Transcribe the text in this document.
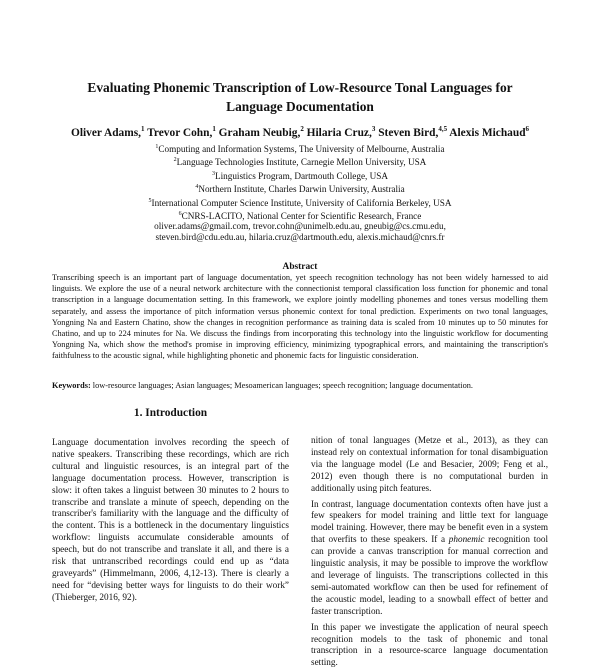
Evaluating Phonemic Transcription of Low-Resource Tonal Languages for
Language Documentation
Oliver Adams,$^1$ Trevor Cohn,$^1$ Graham Neubig,$^2$ Hilaria Cruz,$^3$ Steven Bird,$^{4,5}$ Alexis Michaud$^6$
$^1$Computing and Information Systems, The University of Melbourne, Australia
$^2$Language Technologies Institute, Carnegie Mellon University, USA
$^3$Linguistics Program, Dartmouth College, USA
$^4$Northern Institute, Charles Darwin University, Australia
$^5$International Computer Science Institute, University of California Berkeley, USA
$^6$CNRS-LACITO, National Center for Scientific Research, France
oliver.adams@gmail.com, trevor.cohn@unimelb.edu.au, gneubig@cs.cmu.edu,
steven.bird@cdu.edu.au, hilaria.cruz@dartmouth.edu, alexis.michaud@cnrs.fr
Abstract
Transcribing speech is an important part of language documentation, yet speech recognition technology has not been widely harnessed to aid linguists. We explore the use of a neural network architecture with the connectionist temporal classification loss function for phonemic and tonal transcription in a language documentation setting. In this framework, we explore jointly modelling phonemes and tones versus modelling them separately, and assess the importance of pitch information versus phonemic context for tonal prediction. Experiments on two tonal languages, Yongning Na and Eastern Chatino, show the changes in recognition performance as training data is scaled from 10 minutes up to 50 minutes for Chatino, and up to 224 minutes for Na. We discuss the findings from incorporating this technology into the linguistic workflow for documenting Yongning Na, which show the method's promise in improving efficiency, minimizing typographical errors, and maintaining the transcription's faithfulness to the acoustic signal, while highlighting phonetic and phonemic facts for linguistic consideration.
Keywords: low-resource languages; Asian languages; Mesoamerican languages; speech recognition; language documentation.
1. Introduction

Language documentation involves recording the speech of native speakers. Transcribing these recordings, which are rich cultural and linguistic resources, is an integral part of the language documentation process. However, transcription is slow: it often takes a linguist between 30 minutes to 2 hours to transcribe and translate a minute of speech, depending on the transcriber's familiarity with the language and the difficulty of the content. This is a bottleneck in the documentary linguistics workflow: linguists accumulate considerable amounts of speech, but do not transcribe and translate it all, and there is a risk that untranscribed recordings could end up as “data graveyards” (Himmelmann, 2006, 4,12-13). There is clearly a need for “devising better ways for linguists to do their work” (Thieberger, 2016, 92).

nition of tonal languages (Metze et al., 2013), as they can instead rely on contextual information for tonal disambiguation via the language model (Le and Besacier, 2009; Feng et al., 2012) even though there is no computational burden in additionally using pitch features.

In contrast, language documentation contexts often have just a few speakers for model training and little text for language model training. However, there may be benefit even in a system that overfits to these speakers. If a phonemic recognition tool can provide a canvas transcription for manual correction and linguistic analysis, it may be possible to improve the workflow and leverage of linguists. The transcriptions collected in this semi-automated workflow can then be used for refinement of the acoustic model, leading to a snowball effect of better and faster transcription.

In this paper we investigate the application of neural speech recognition models to the task of phonemic and tonal transcription in a resource-scarce language documentation setting.
